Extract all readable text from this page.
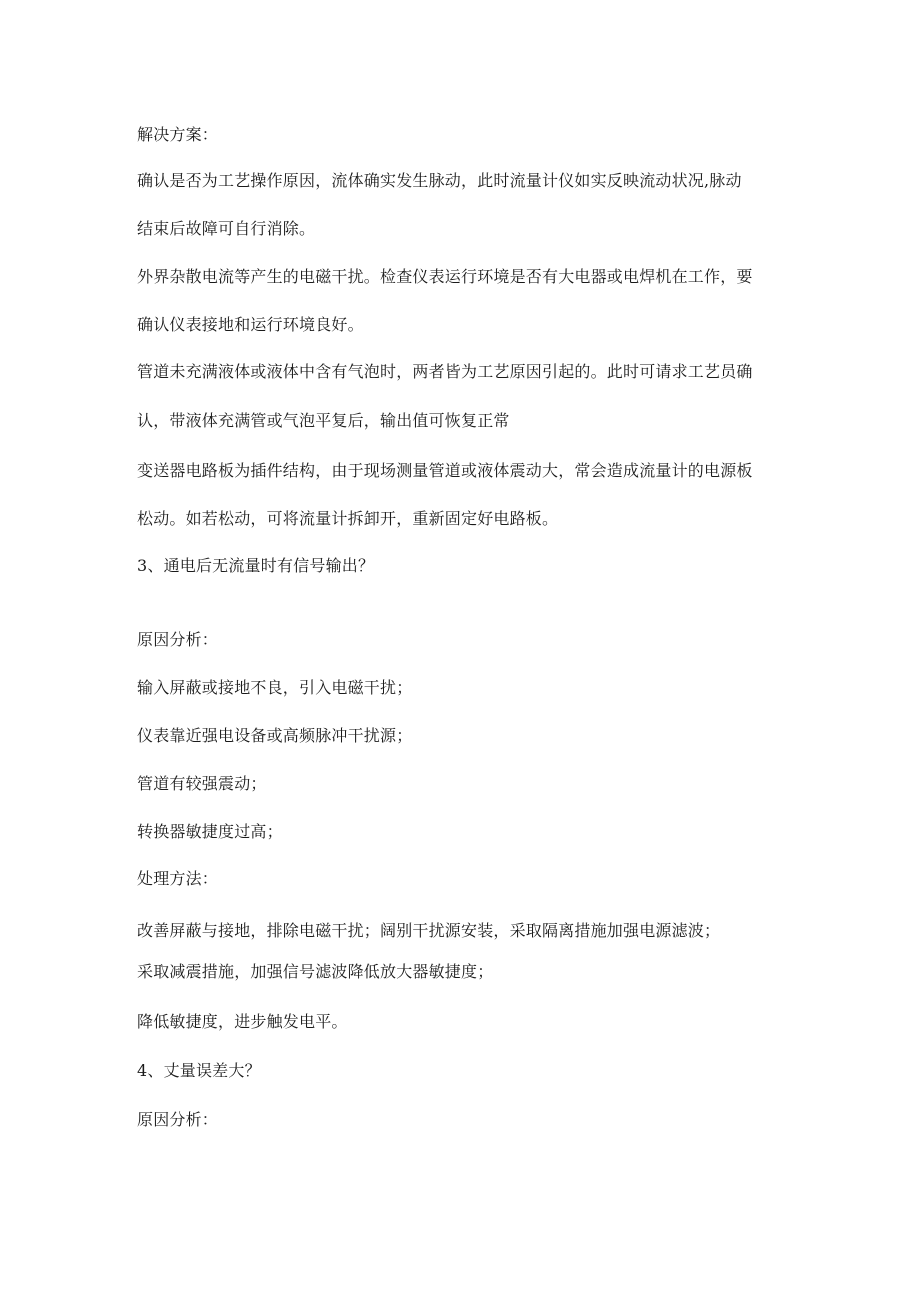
解决方案：
确认是否为工艺操作原因，流体确实发生脉动，此时流量计仪如实反映流动状况,脉动
结束后故障可自行消除。
外界杂散电流等产生的电磁干扰。检查仪表运行环境是否有大电器或电焊机在工作，要
确认仪表接地和运行环境良好。
管道未充满液体或液体中含有气泡时，两者皆为工艺原因引起的。此时可请求工艺员确
认，带液体充满管或气泡平复后，输出值可恢复正常
变送器电路板为插件结构，由于现场测量管道或液体震动大，常会造成流量计的电源板
松动。如若松动，可将流量计拆卸开，重新固定好电路板。
3、通电后无流量时有信号输出？
原因分析：
输入屏蔽或接地不良，引入电磁干扰；
仪表靠近强电设备或高频脉冲干扰源；
管道有较强震动；
转换器敏捷度过高；
处理方法：
改善屏蔽与接地，排除电磁干扰；阔别干扰源安装，采取隔离措施加强电源滤波；
采取减震措施，加强信号滤波降低放大器敏捷度；
降低敏捷度，进步触发电平。
4、丈量误差大？
原因分析：
